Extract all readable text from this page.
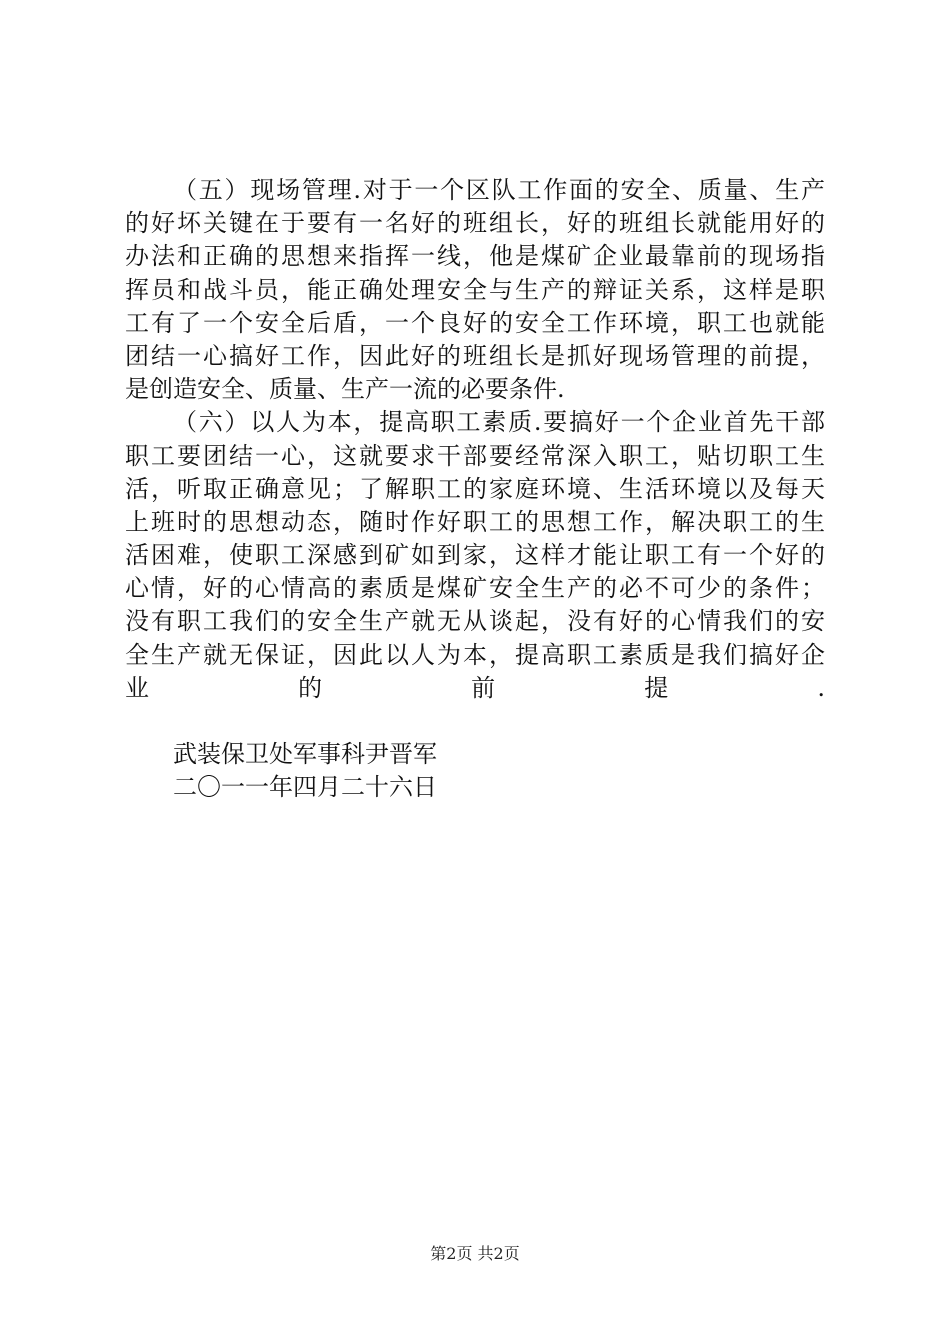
（五）现场管理.对于一个区队工作面的安全、质量、生产
的好坏关键在于要有一名好的班组长，好的班组长就能用好的
办法和正确的思想来指挥一线，他是煤矿企业最靠前的现场指
挥员和战斗员，能正确处理安全与生产的辩证关系，这样是职
工有了一个安全后盾，一个良好的安全工作环境，职工也就能
团结一心搞好工作，因此好的班组长是抓好现场管理的前提，
是创造安全、质量、生产一流的必要条件.
（六）以人为本，提高职工素质.要搞好一个企业首先干部
职工要团结一心，这就要求干部要经常深入职工，贴切职工生
活，听取正确意见；了解职工的家庭环境、生活环境以及每天
上班时的思想动态，随时作好职工的思想工作，解决职工的生
活困难，使职工深感到矿如到家，这样才能让职工有一个好的
心情，好的心情高的素质是煤矿安全生产的必不可少的条件；
没有职工我们的安全生产就无从谈起，没有好的心情我们的安
全生产就无保证，因此以人为本，提高职工素质是我们搞好企
业的前提.
武装保卫处军事科尹晋军
二〇一一年四月二十六日
第2页 共2页
